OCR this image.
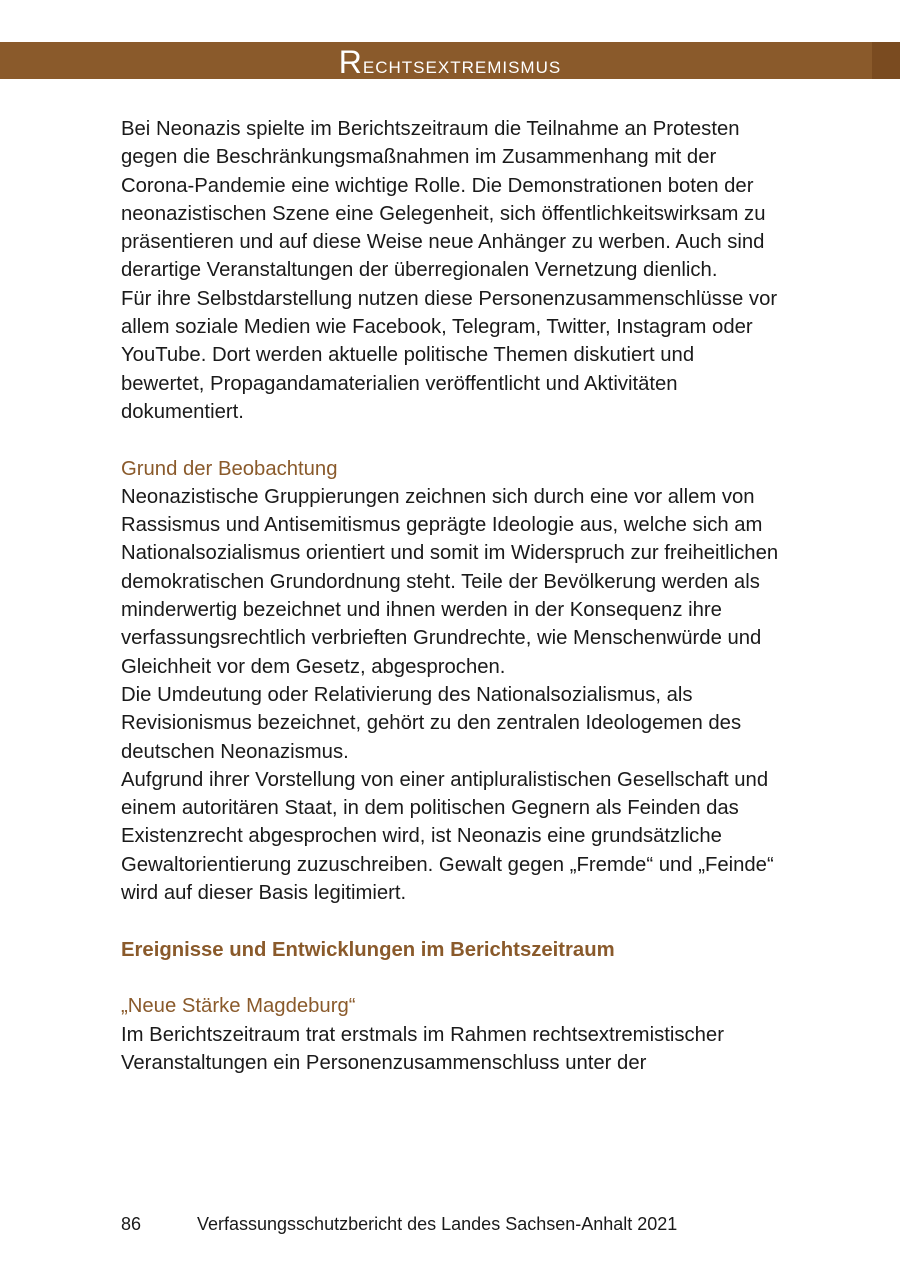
Rechtsextremismus

Bei Neonazis spielte im Berichtszeitraum die Teilnahme an Protesten gegen die Beschränkungsmaßnahmen im Zusammenhang mit der Corona-Pandemie eine wichtige Rolle. Die Demonstrationen boten der neonazistischen Szene eine Gelegenheit, sich öffentlichkeitswirksam zu präsentieren und auf diese Weise neue Anhänger zu werben. Auch sind derartige Veranstaltungen der überregionalen Vernetzung dienlich.

Für ihre Selbstdarstellung nutzen diese Personenzusammenschlüsse vor allem soziale Medien wie Facebook, Telegram, Twitter, Instagram oder YouTube. Dort werden aktuelle politische Themen diskutiert und bewertet, Propagandamaterialien veröffentlicht und Aktivitäten dokumentiert.

Grund der Beobachtung

Neonazistische Gruppierungen zeichnen sich durch eine vor allem von Rassismus und Antisemitismus geprägte Ideologie aus, welche sich am Nationalsozialismus orientiert und somit im Widerspruch zur freiheitlichen demokratischen Grundordnung steht. Teile der Bevölkerung werden als minderwertig bezeichnet und ihnen werden in der Konsequenz ihre verfassungsrechtlich verbrieften Grundrechte, wie Menschenwürde und Gleichheit vor dem Gesetz, abgesprochen.

Die Umdeutung oder Relativierung des Nationalsozialismus, als Revisionismus bezeichnet, gehört zu den zentralen Ideologemen des deutschen Neonazismus.

Aufgrund ihrer Vorstellung von einer antipluralistischen Gesellschaft und einem autoritären Staat, in dem politischen Gegnern als Feinden das Existenzrecht abgesprochen wird, ist Neonazis eine grundsätzliche Gewaltorientierung zuzuschreiben. Gewalt gegen „Fremde“ und „Feinde“ wird auf dieser Basis legitimiert.

Ereignisse und Entwicklungen im Berichtszeitraum

„Neue Stärke Magdeburg“

Im Berichtszeitraum trat erstmals im Rahmen rechtsextremistischer Veranstaltungen ein Personenzusammenschluss unter der

86	Verfassungsschutzbericht des Landes Sachsen-Anhalt 2021
